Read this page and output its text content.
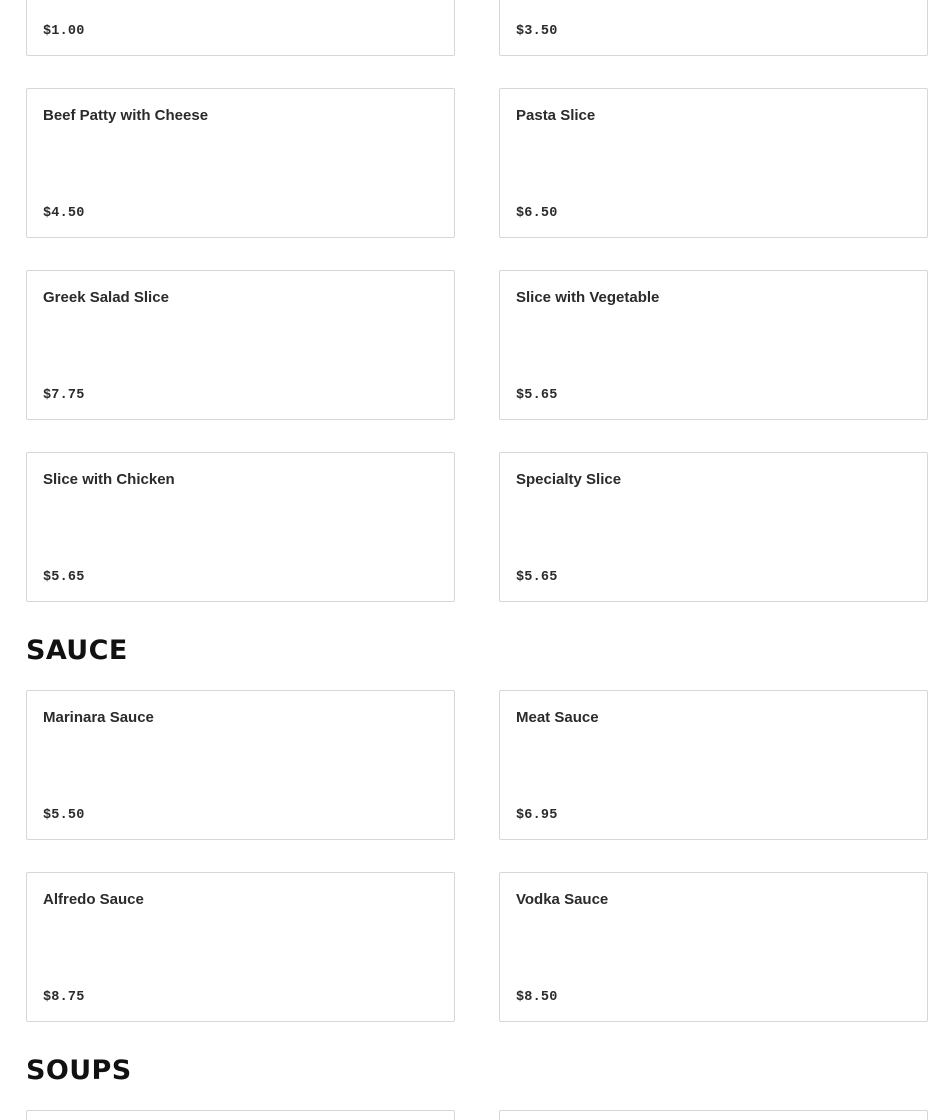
$1.00	$3.50
Beef Patty with Cheese
$4.50
Pasta Slice
$6.50
Greek Salad Slice
$7.75
Slice with Vegetable
$5.65
Slice with Chicken
$5.65
Specialty Slice
$5.65
SAUCE
Marinara Sauce
$5.50
Meat Sauce
$6.95
Alfredo Sauce
$8.75
Vodka Sauce
$8.50
SOUPS
